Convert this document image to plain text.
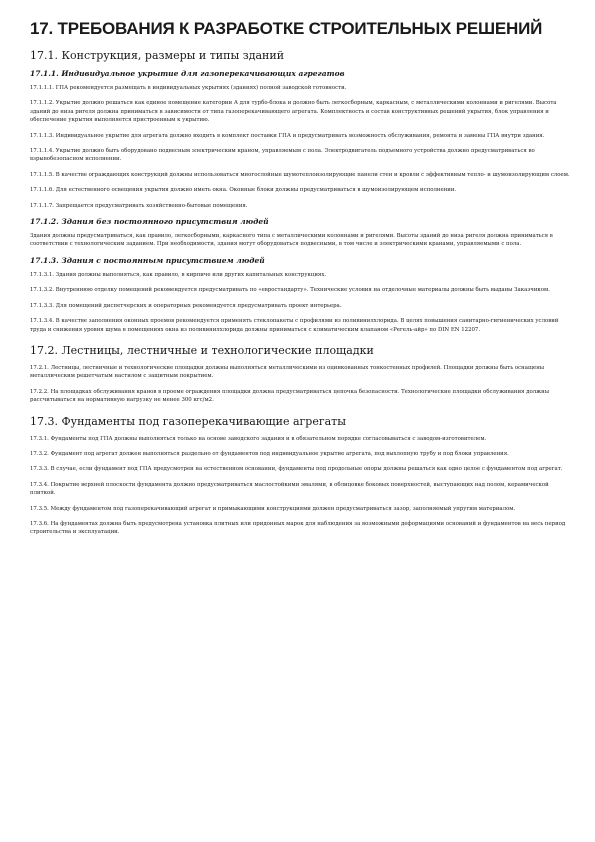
17. ТРЕБОВАНИЯ К РАЗРАБОТКЕ СТРОИТЕЛЬНЫХ РЕШЕНИЙ
17.1. Конструкция, размеры и типы зданий
17.1.1. Индивидуальное укрытие для газоперекачивающих агрегатов

17.1.1.1. ГПА рекомендуется размещать в индивидуальных укрытиях (зданиях) полной заводской готовности.

17.1.1.2. Укрытие должно решаться как единое помещение категории А для турбо-блока и должно быть легкосборным, каркасным, с металлическими колоннами и ригелями. Высота зданий до низа ригеля должна приниматься в зависимости от типа газоперекачивающего агрегата. Комплектность и состав конструктивных решений укрытия, блок управления и обеспечение укрытия выполняется пристроенным к укрытию.

17.1.1.3. Индивидуальное укрытие для агрегата должно входить в комплект поставки ГПА и предусматривать возможность обслуживания, ремонта и замены ГПА внутри здания.

17.1.1.4. Укрытие должно быть оборудовано подвесным электрическим краном, управляемым с пола. Электродвигатель подъемного устройства должно предусматриваться во взрывобезопасном исполнении.

17.1.1.5. В качестве ограждающих конструкций должны использоваться многослойные шумотеплоизолирующие панели стен и кровли с эффективным тепло- и шумоизолирующим слоем.

17.1.1.6. Для естественного освещения укрытия должно иметь окна. Оконные блоки должны предусматриваться в шумоизолирующем исполнении.

17.1.1.7. Запрещается предусматривать хозяйственно-бытовые помещения.

17.1.2. Здания без постоянного присутствия людей

Здания должны предусматриваться, как правило, легкосборными, каркасного типа с металлическими колоннами и ригелями. Высоты зданий до низа ригеля должна приниматься в соответствии с технологическим заданием. При необходимости, здания могут оборудоваться подвесными, в том числе и электрическими кранами, управляемыми с пола.

17.1.3. Здания с постоянным присутствием людей

17.1.3.1. Здания должны выполняться, как правило, в кирпиче или других капитальных конструкциях.

17.1.3.2. Внутреннюю отделку помещений рекомендуется предусматривать по «евростандарту». Технические условия на отделочные материалы должны быть выданы Заказчиком.

17.1.3.3. Для помещений диспетчерских и операторных рекомендуется предусматривать проект интерьера.

17.1.3.4. В качестве заполнения оконных проемов рекомендуется применять стеклопакеты с профилями из поливинилхлорида. В целях повышения санитарно-гигиенических условий труда и снижения уровня шума в помещениях окна из поливинилхлорида должны приниматься с климатическим клапаном «Регель-айр» по DIN EN 12207.

17.2. Лестницы, лестничные и технологические площадки

17.2.1. Лестницы, лестничные и технологические площадки должны выполняться металлическими из оцинкованных тонкостенных профилей. Площадки должны быть оснащены металлическим решетчатым настилом с защитным покрытием.

17.2.2. На площадках обслуживания кранов в проеме ограждения площадки должна предусматриваться цепочка безопасности. Технологические площадки обслуживания должны рассчитываться на нормативную нагрузку не менее 300 кгс/м2.

17.3. Фундаменты под газоперекачивающие агрегаты

17.3.1. Фундаменты под ГПА должны выполняться только на основе заводского задания и в обязательном порядке согласовываться с заводом-изготовителем.

17.3.2. Фундамент под агрегат должен выполняться раздельно от фундаментов под индивидуальное укрытие агрегата, под выхлопную трубу и под блоки управления.

17.3.3. В случае, если фундамент под ГПА предусмотрен на естественном основании, фундаменты под продольные опоры должны решаться как одно целое с фундаментом под агрегат.

17.3.4. Покрытие верхней плоскости фундамента должно предусматриваться маслостойкими эмалями, в облицовке боковых поверхностей, выступающих над полом, керамической плиткой.

17.3.5. Между фундаментом под газоперекачивающий агрегат и примыкающими конструкциями должен предусматриваться зазор, заполняемый упругим материалом.

17.3.6. На фундаментах должна быть предусмотрена установка плитных или придонных марок для наблюдения за возможными деформациями оснований и фундаментов на весь период строительства и эксплуатации.
